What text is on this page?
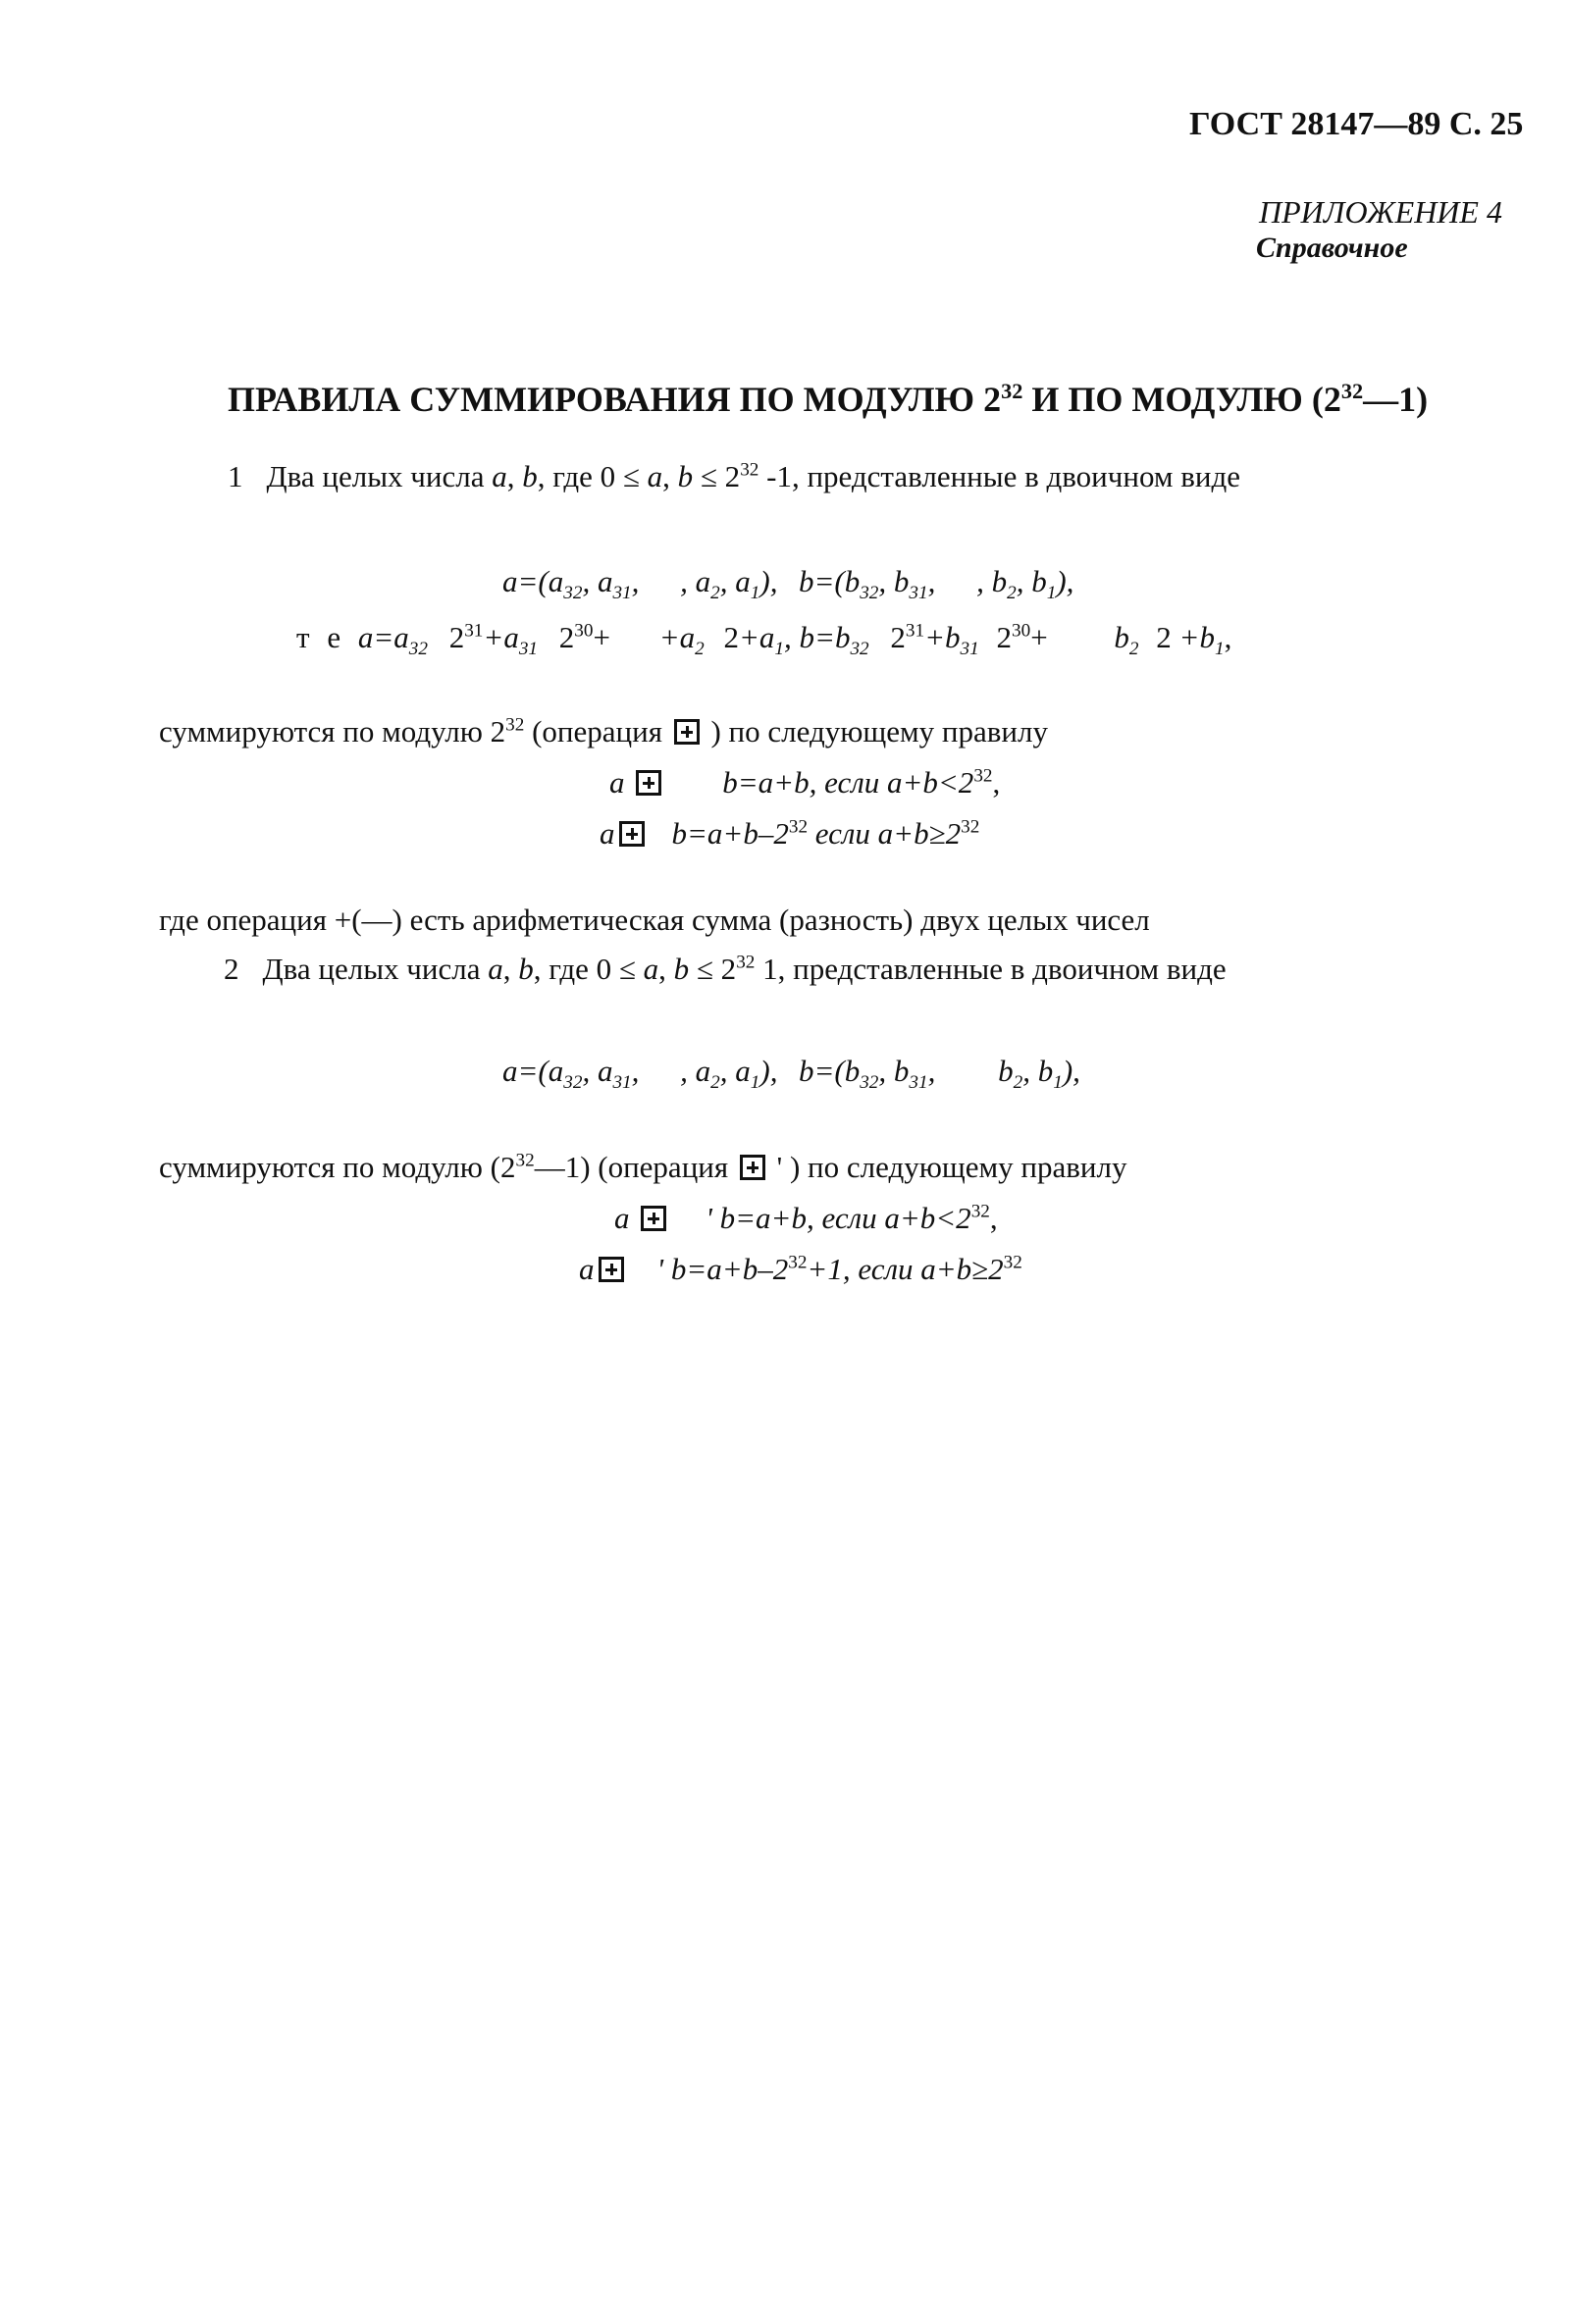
ГОСТ 28147—89 С. 25
ПРИЛОЖЕНИЕ 4
Справочное
ПРАВИЛА СУММИРОВАНИЯ ПО МОДУЛЮ $2^{32}$ И ПО МОДУЛЮ $(2^{32}—1)$
1 Два целых числа a, b, где 0 ≤ a, $b \le 2^{32}$ -1, представленные в двоичном виде
$a=(a_{32}$, $a_{31}$, , $a_2$, $a_1$),  $b=(b_{32}$, $b_{31}$, , $b_2$, $b_1$),
т е $a=a_{32}$ $2^{31}+a_{31}$ $2^{30}+ +a_2$ $2+a_1$, $b=b_{32}$ $2^{31}+b_{31}$ $2^{30}+ b_2$ $2 +b_1$,
суммируются по модулю $2^{32}$ (операция  ) по следующему правилу
a	b=a+b, если $a+b<2^{32}$,
a $b=a+b-2^{32}$ если $a+b\ge 2^{32}$
где операция +(—) есть арифметическая сумма (разность) двух целых чисел
2 Два целых числа a, b, где 0 ≤ a, $b \le 2^{32}$ 1, представленные в двоичном виде
$a=(a_{32}$, $a_{31}$, , $a_2$, $a_1$),  $b=(b_{32}$, $b_{31}$, $b_2$, $b_1$),
суммируются по модулю $(2^{32}—1)$ (операция  ' ) по следующему правилу
a	' b=a+b, если $a+b<2^{32}$,
a ' $b=a+b-2^{32}+1$, если $a+b\ge 2^{32}$
